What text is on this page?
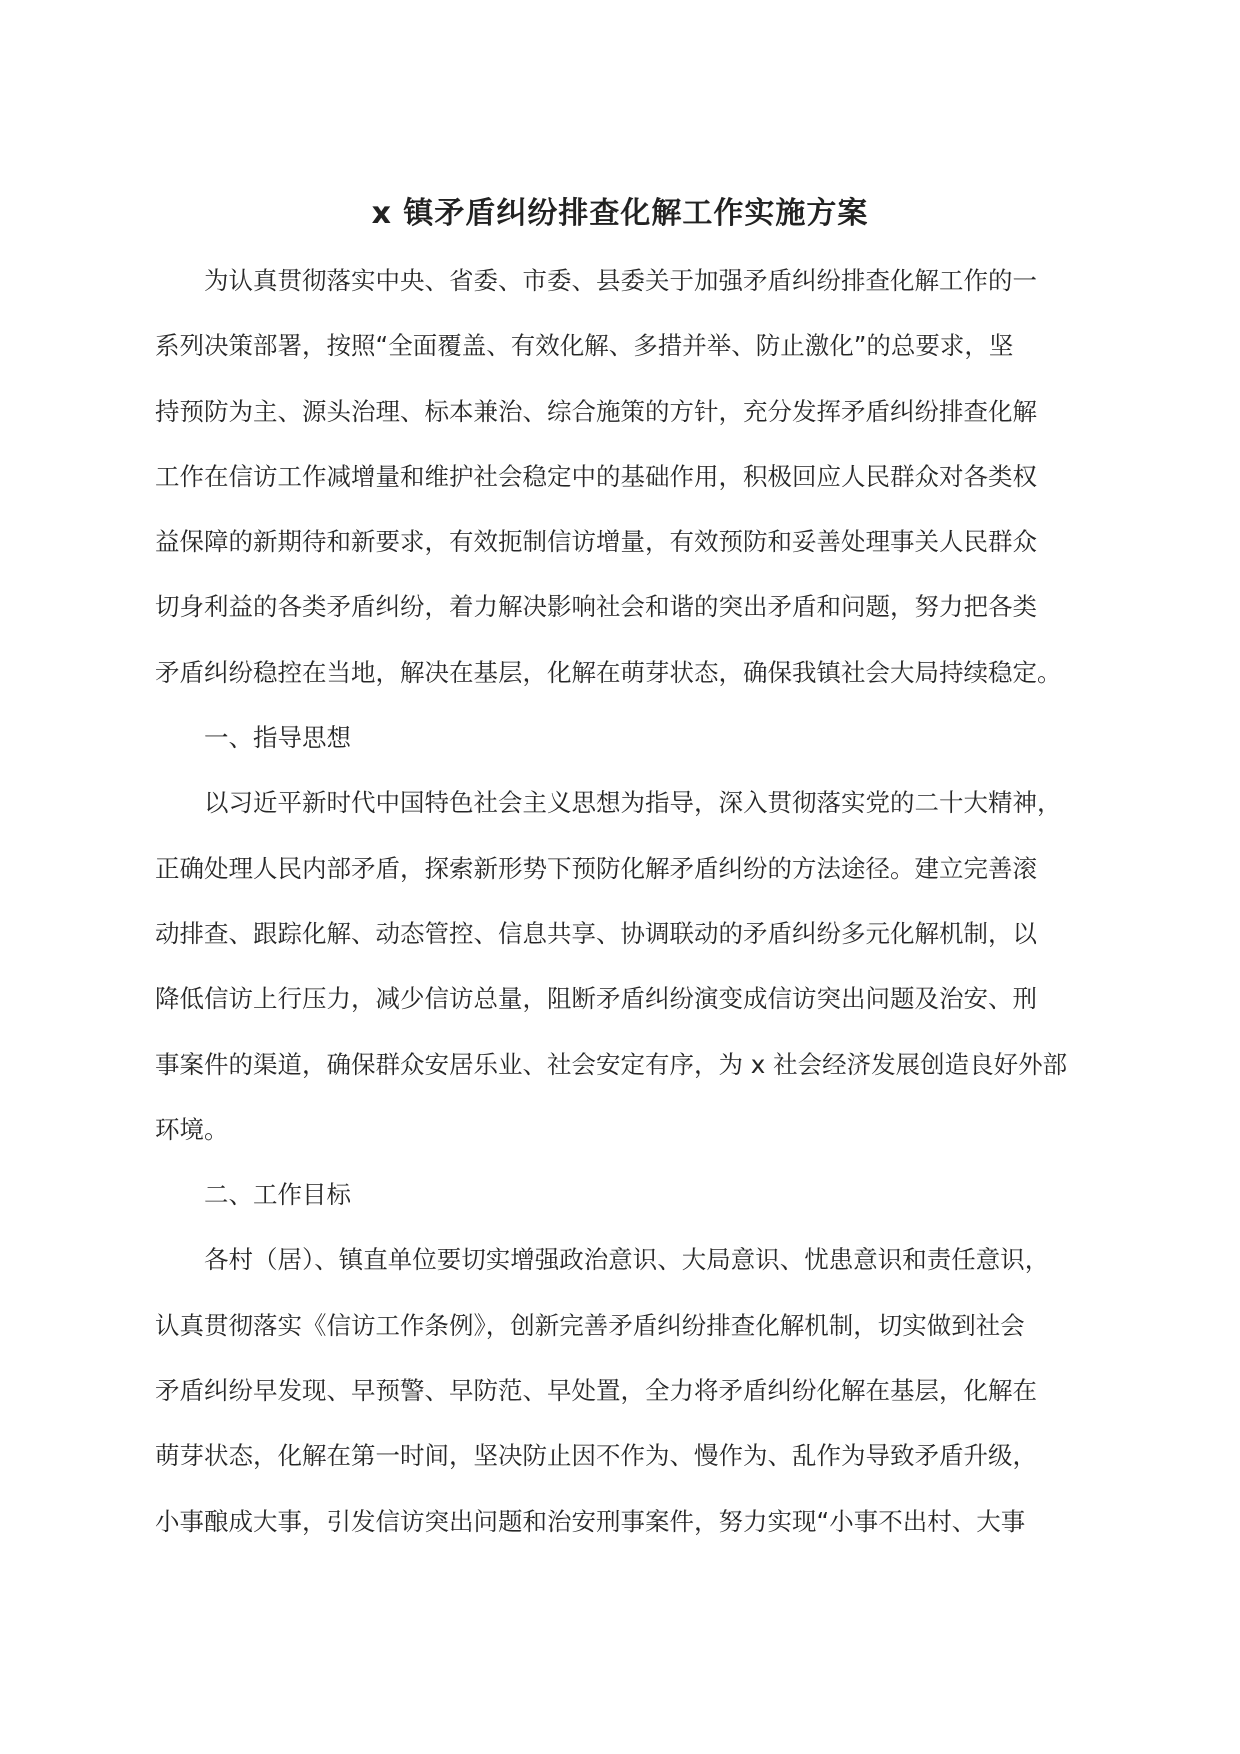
x 镇矛盾纠纷排查化解工作实施方案
为认真贯彻落实中央、省委、市委、县委关于加强矛盾纠纷排查化解工作的一
系列决策部署，按照“全面覆盖、有效化解、多措并举、防止激化”的总要求，坚
持预防为主、源头治理、标本兼治、综合施策的方针，充分发挥矛盾纠纷排查化解
工作在信访工作减增量和维护社会稳定中的基础作用，积极回应人民群众对各类权
益保障的新期待和新要求，有效扼制信访增量，有效预防和妥善处理事关人民群众
切身利益的各类矛盾纠纷，着力解决影响社会和谐的突出矛盾和问题，努力把各类
矛盾纠纷稳控在当地，解决在基层，化解在萌芽状态，确保我镇社会大局持续稳定。
一、指导思想
以习近平新时代中国特色社会主义思想为指导，深入贯彻落实党的二十大精神，
正确处理人民内部矛盾，探索新形势下预防化解矛盾纠纷的方法途径。建立完善滚
动排查、跟踪化解、动态管控、信息共享、协调联动的矛盾纠纷多元化解机制，以
降低信访上行压力，减少信访总量，阻断矛盾纠纷演变成信访突出问题及治安、刑
事案件的渠道，确保群众安居乐业、社会安定有序，为 x 社会经济发展创造良好外部
环境。
二、工作目标
各村（居）、镇直单位要切实增强政治意识、大局意识、忧患意识和责任意识，
认真贯彻落实《信访工作条例》，创新完善矛盾纠纷排查化解机制，切实做到社会
矛盾纠纷早发现、早预警、早防范、早处置，全力将矛盾纠纷化解在基层，化解在
萌芽状态，化解在第一时间，坚决防止因不作为、慢作为、乱作为导致矛盾升级，
小事酿成大事，引发信访突出问题和治安刑事案件，努力实现“小事不出村、大事
